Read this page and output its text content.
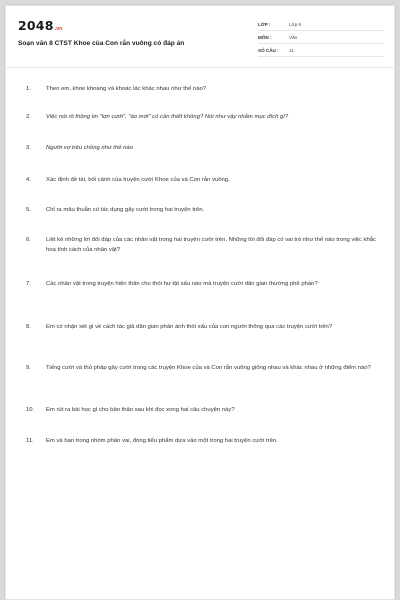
2048 .vn
Soạn văn 8 CTST Khoe của Con rắn vuông có đáp án
LỚP :	Lớp 8
MÔN :	Văn
SỐ CÂU :	11
1.	Theo em, khoe khoang và khoác lác khác nhau như thế nào?
2.	Việc nói rõ thông tin "lợn cưới", "áo mới" có cần thiết không? Nói như vậy nhằm mục đích gì?
3.	Người vợ trêu chồng như thế nào
4.	Xác định đề tài, bối cảnh của truyện cười Khoe của và Con rắn vuông.
5.	Chỉ ra mâu thuẫn có tác dụng gây cười trong hai truyện trên.
6.	Liệt kê những lời đối đáp của các nhân vật trong hai truyện cười trên. Những lời đối đáp có vai trò như thế nào trong việc khắc hoạ tính cách của nhân vật?
7.	Các nhân vật trong truyện hiện thân cho thói hư tật xấu nào mà truyện cười dân gian thường phê phán?
8.	Em có nhận xét gì về cách tác giả dân gian phản ánh thói xấu của con người thông qua các truyện cười trên?
9.	Tiếng cười và thủ pháp gây cười trong các truyện Khoe của và Con rắn vuông giống nhau và khác nhau ở những điểm nào?
10.	Em rút ra bài học gì cho bản thân sau khi đọc xong hai câu chuyện này?
11.	Em và bạn trong nhóm phân vai, đóng tiểu phẩm dựa vào một trong hai truyện cười trên.
